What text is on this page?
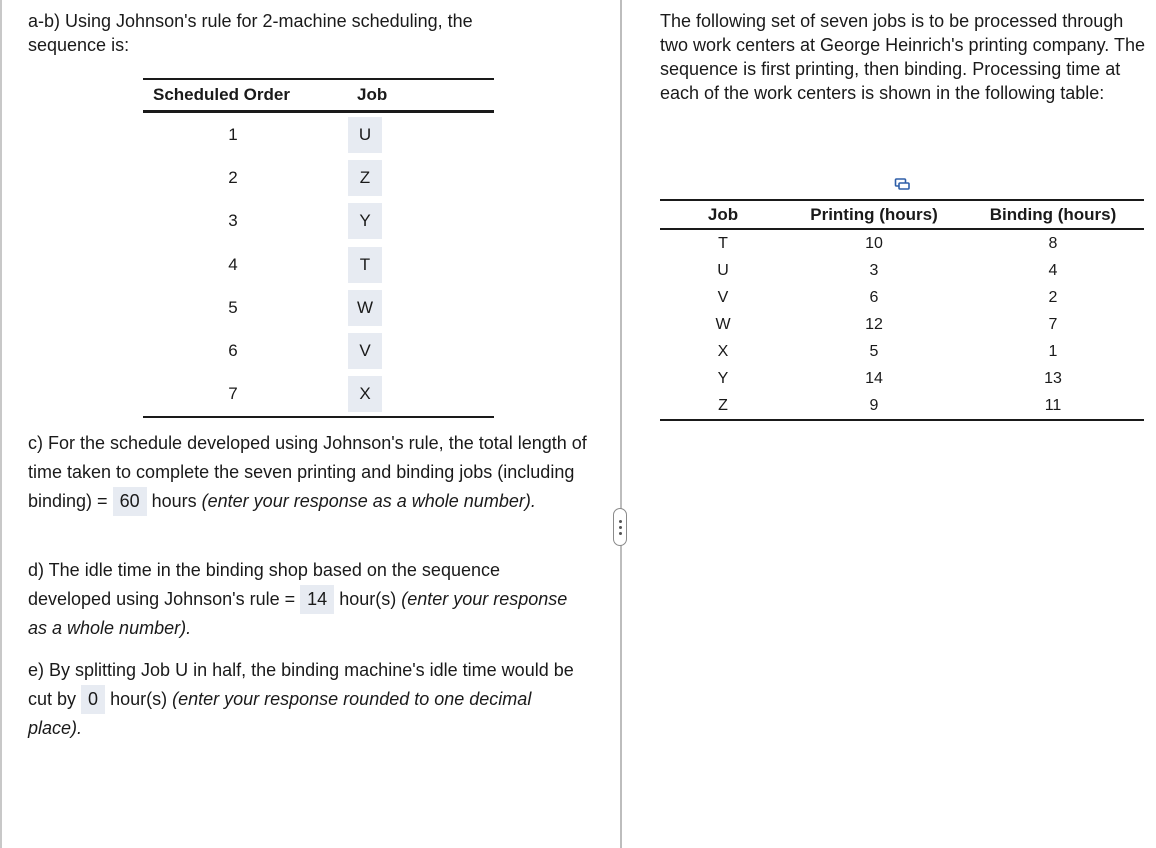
a-b) Using Johnson's rule for 2-machine scheduling, the sequence is:

Scheduled Order	Job
1	U
2	Z
3	Y
4	T
5	W
6	V
7	X
c) For the schedule developed using Johnson's rule, the total length of time taken to complete the seven printing and binding jobs (including binding) = 60 hours (enter your response as a whole number).
d) The idle time in the binding shop based on the sequence developed using Johnson's rule = 14 hour(s) (enter your response as a whole number).
e) By splitting Job U in half, the binding machine's idle time would be cut by 0 hour(s) (enter your response rounded to one decimal place).

The following set of seven jobs is to be processed through two work centers at George Heinrich's printing company. The sequence is first printing, then binding. Processing time at each of the work centers is shown in the following table:

Job	Printing (hours)	Binding (hours)
T	10	8
U	3	4
V	6	2
W	12	7
X	5	1
Y	14	13
Z	9	11
